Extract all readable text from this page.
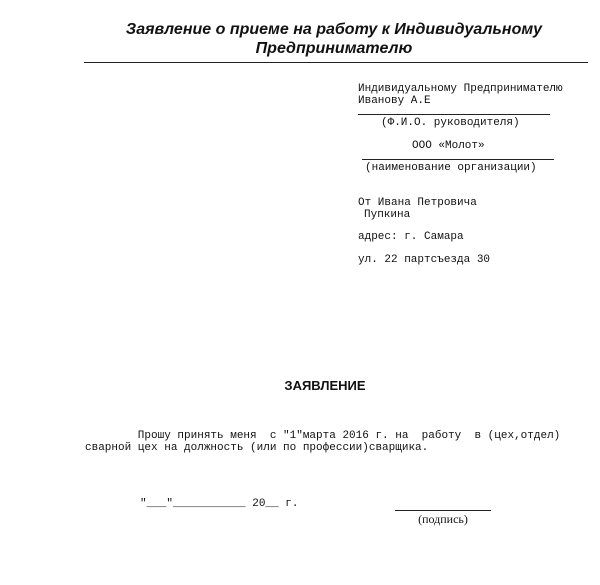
Заявление о приеме на работу к Индивидуальному
Предпринимателю
Индивидуальному Предпринимателю
Иванову А.Е
(Ф.И.О. руководителя)
ООО «Молот»
(наименование организации)
От Ивана Петровича
Пупкина
адрес: г. Самара
ул. 22 партсъезда 30
ЗАЯВЛЕНИЕ
Прошу принять меня  с "1"марта 2016 г. на  работу  в (цех,отдел)
сварной цех на должность (или по профессии)сварщика.
"___"___________ 20__ г.
(подпись)
